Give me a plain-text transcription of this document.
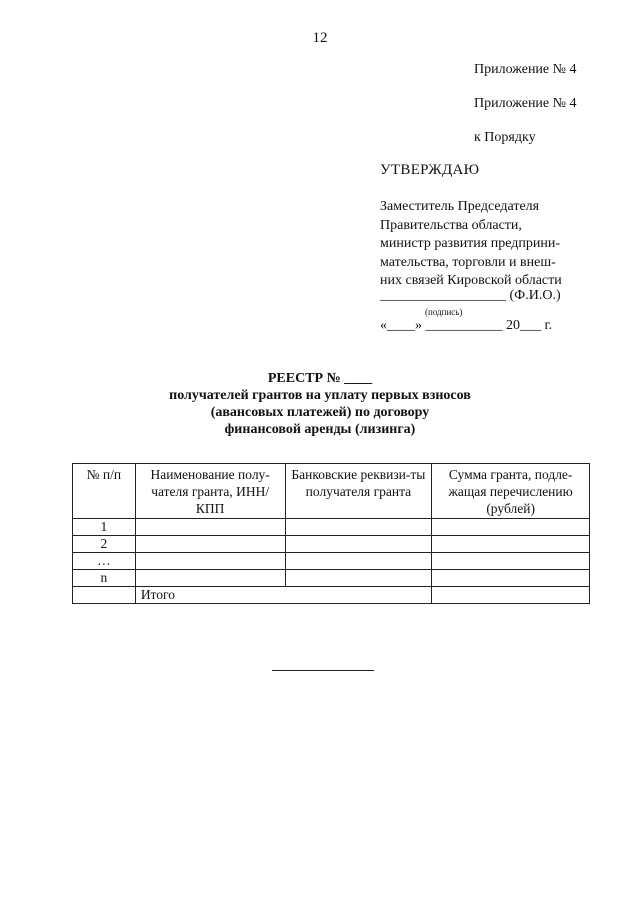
12
Приложение № 4
Приложение № 4
к Порядку
УТВЕРЖДАЮ
Заместитель Председателя
Правительства области,
министр развития предприни-
мательства, торговли и внеш-
них связей Кировской области
__________________ (Ф.И.О.)
(подпись)
«____» ___________ 20___ г.
РЕЕСТР № ____
получателей грантов на уплату первых взносов
(авансовых платежей) по договору
финансовой аренды (лизинга)
№ п/п	Наименование полу-чателя гранта, ИНН/КПП	Банковские реквизи-ты получателя гранта	Сумма гранта, подле-жащая перечислению (рублей)
1			
2			
…			
n			
	Итого		
